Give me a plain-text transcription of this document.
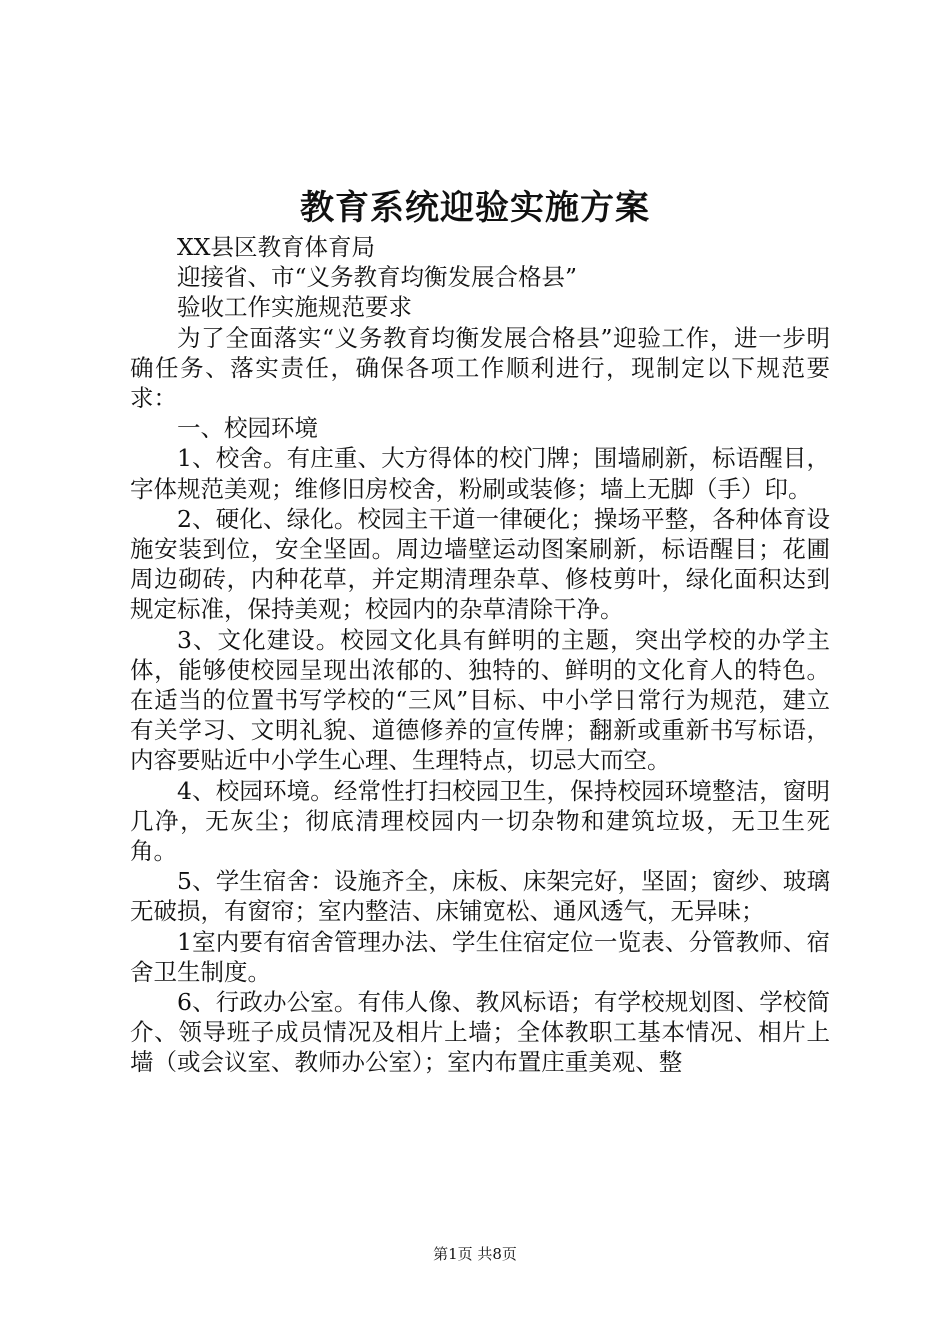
教育系统迎验实施方案

XX县区教育体育局

迎接省、市“义务教育均衡发展合格县”

验收工作实施规范要求

为了全面落实“义务教育均衡发展合格县”迎验工作，进一步明确任务、落实责任，确保各项工作顺利进行，现制定以下规范要求：

一、校园环境

1、校舍。有庄重、大方得体的校门牌；围墙刷新，标语醒目，字体规范美观；维修旧房校舍，粉刷或装修；墙上无脚（手）印。

2、硬化、绿化。校园主干道一律硬化；操场平整，各种体育设施安装到位，安全坚固。周边墙壁运动图案刷新，标语醒目；花圃周边砌砖，内种花草，并定期清理杂草、修枝剪叶，绿化面积达到规定标准，保持美观；校园内的杂草清除干净。

3、文化建设。校园文化具有鲜明的主题，突出学校的办学主体，能够使校园呈现出浓郁的、独特的、鲜明的文化育人的特色。在适当的位置书写学校的“三风”目标、中小学日常行为规范，建立有关学习、文明礼貌、道德修养的宣传牌；翻新或重新书写标语，内容要贴近中小学生心理、生理特点，切忌大而空。

4、校园环境。经常性打扫校园卫生，保持校园环境整洁，窗明几净，无灰尘；彻底清理校园内一切杂物和建筑垃圾，无卫生死角。

5、学生宿舍：设施齐全，床板、床架完好，坚固；窗纱、玻璃无破损，有窗帘；室内整洁、床铺宽松、通风透气，无异味；

1室内要有宿舍管理办法、学生住宿定位一览表、分管教师、宿舍卫生制度。

6、行政办公室。有伟人像、教风标语；有学校规划图、学校简介、领导班子成员情况及相片上墙；全体教职工基本情况、相片上墙（或会议室、教师办公室）；室内布置庄重美观、整

第1页 共8页
